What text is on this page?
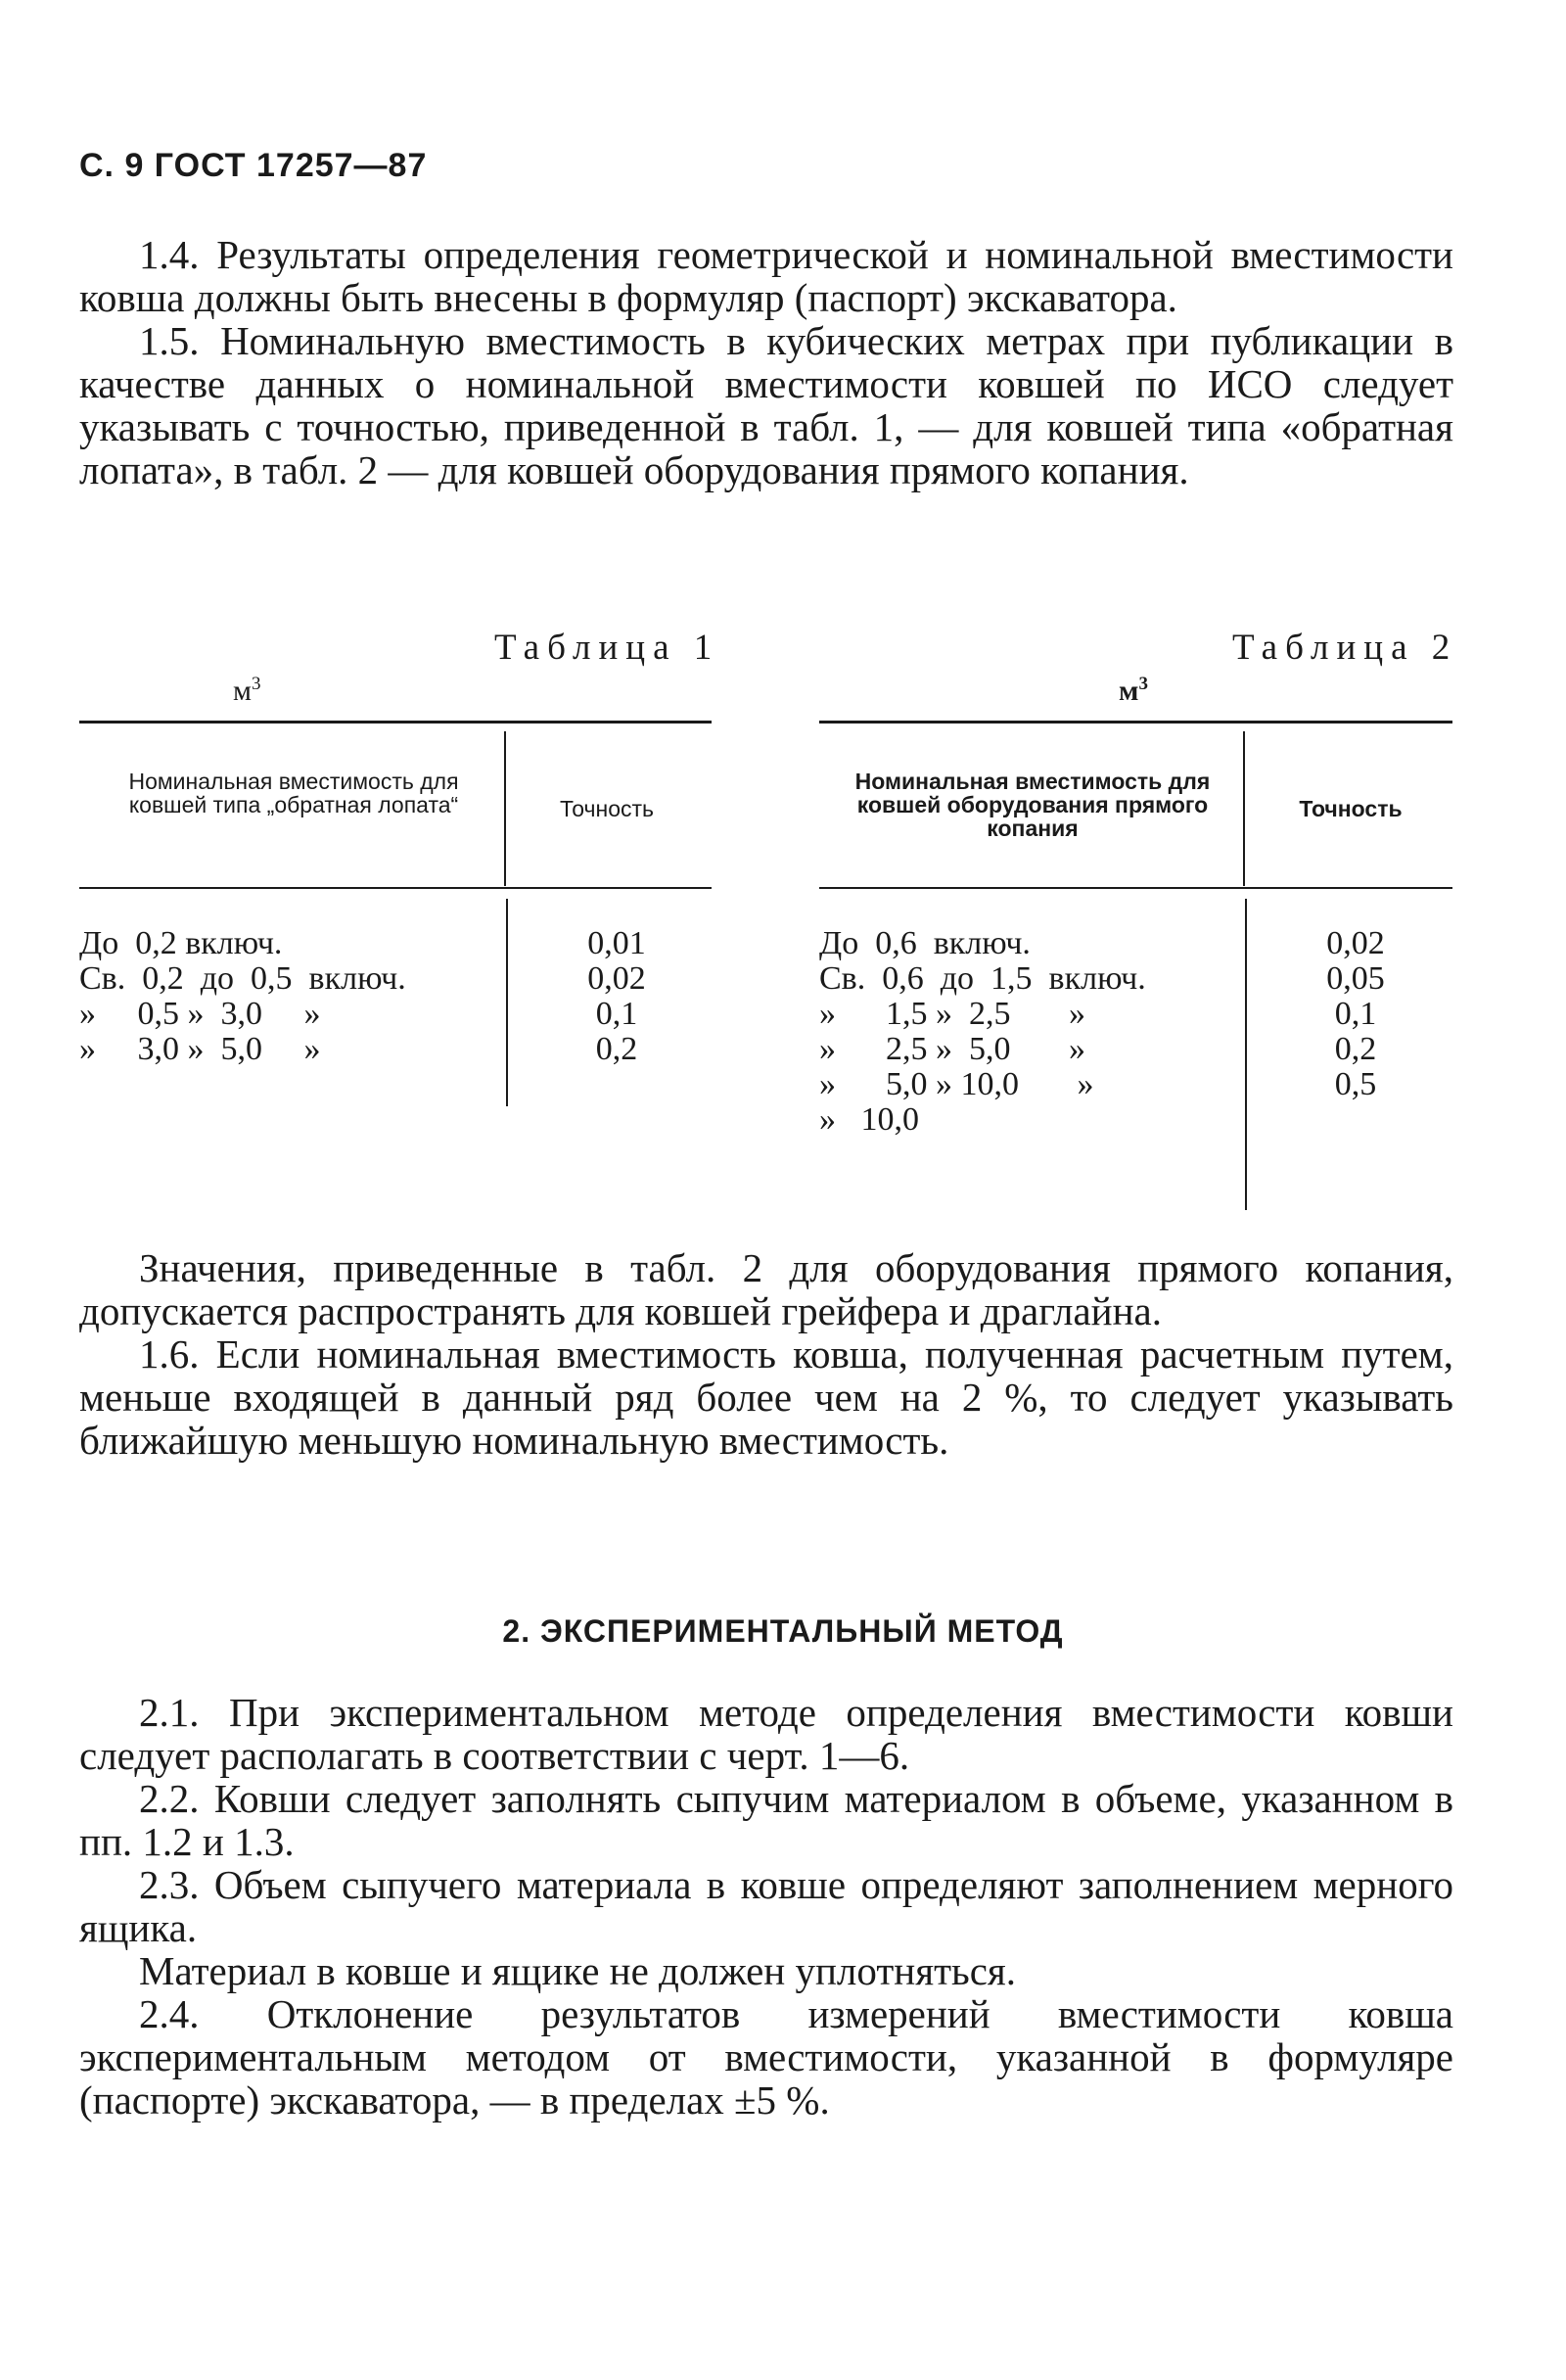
С. 9 ГОСТ 17257—87

1.4. Результаты определения геометрической и номинальной вместимости ковша должны быть внесены в формуляр (паспорт) экскаватора.

1.5. Номинальную вместимость в кубических метрах при публикации в качестве данных о номинальной вместимости ковшей по ИСО следует указывать с точностью, приведенной в табл. 1, — для ковшей типа «обратная лопата», в табл. 2 — для ковшей оборудования прямого копания.

Таблица 1
$м^3$
Номинальная вместимость для ковшей типа „обратная лопата“	Точность
До  0,2 включ.
Св.  0,2  до  0,5  включ.
»     0,5 »  3,0     »
»     3,0 »  5,0     »
0,01
0,02
0,1
0,2
Таблица 2
$м^3$
Номинальная вместимость для ковшей оборудования прямого копания
Точность
До  0,6  включ.
Св.  0,6  до  1,5  включ.
»      1,5 »  2,5       »
»      2,5 »  5,0       »
»      5,0 » 10,0       »
»   10,0
0,02
0,05
0,1
0,2
0,5

Значения, приведенные в табл. 2 для оборудования прямого копания, допускается распространять для ковшей грейфера и драглайна.

1.6. Если номинальная вместимость ковша, полученная расчетным путем, меньше входящей в данный ряд более чем на 2 %, то следует указывать ближайшую меньшую номинальную вместимость.

2. ЭКСПЕРИМЕНТАЛЬНЫЙ МЕТОД

2.1. При экспериментальном методе определения вместимости ковши следует располагать в соответствии с черт. 1—6.

2.2. Ковши следует заполнять сыпучим материалом в объеме, указанном в пп. 1.2 и 1.3.

2.3. Объем сыпучего материала в ковше определяют заполнением мерного ящика.

Материал в ковше и ящике не должен уплотняться.

2.4. Отклонение результатов измерений вместимости ковша экспериментальным методом от вместимости, указанной в формуляре (паспорте) экскаватора, — в пределах ±5 %.
